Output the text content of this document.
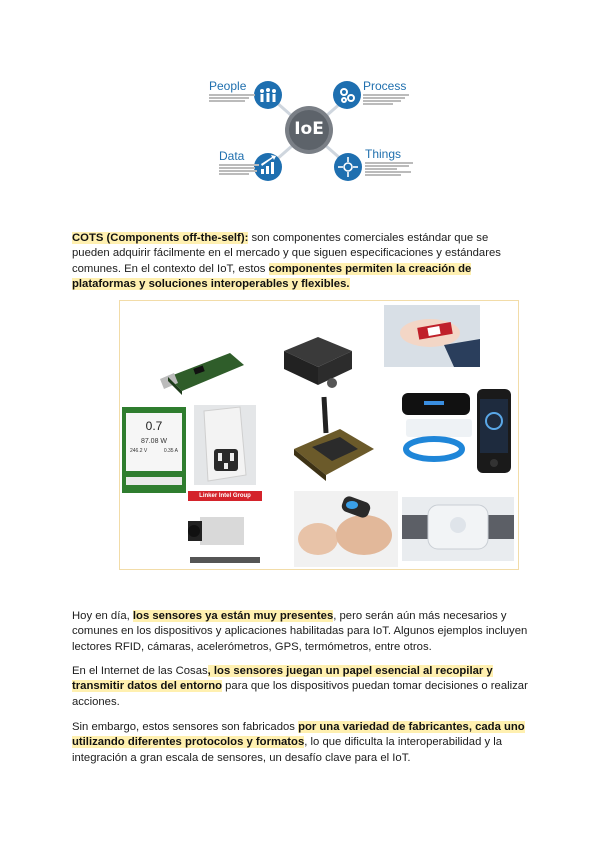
IoE
People	Process
Data	Things

COTS (Components off-the-self): son componentes comerciales estándar que se pueden adquirir fácilmente en el mercado y que siguen especificaciones y estándares comunes. En el contexto del IoT, estos componentes permiten la creación de plataformas y soluciones interoperables y flexibles.

0.7
87.08 W
246.2 V	0.35 A
Linker Intel Group

Hoy en día, los sensores ya están muy presentes, pero serán aún más necesarios y comunes en los dispositivos y aplicaciones habilitadas para IoT. Algunos ejemplos incluyen lectores RFID, cámaras, acelerómetros, GPS, termómetros, entre otros.

En el Internet de las Cosas, los sensores juegan un papel esencial al recopilar y transmitir datos del entorno para que los dispositivos puedan tomar decisiones o realizar acciones.

Sin embargo, estos sensores son fabricados por una variedad de fabricantes, cada uno utilizando diferentes protocolos y formatos, lo que dificulta la interoperabilidad y la integración a gran escala de sensores, un desafío clave para el IoT.
